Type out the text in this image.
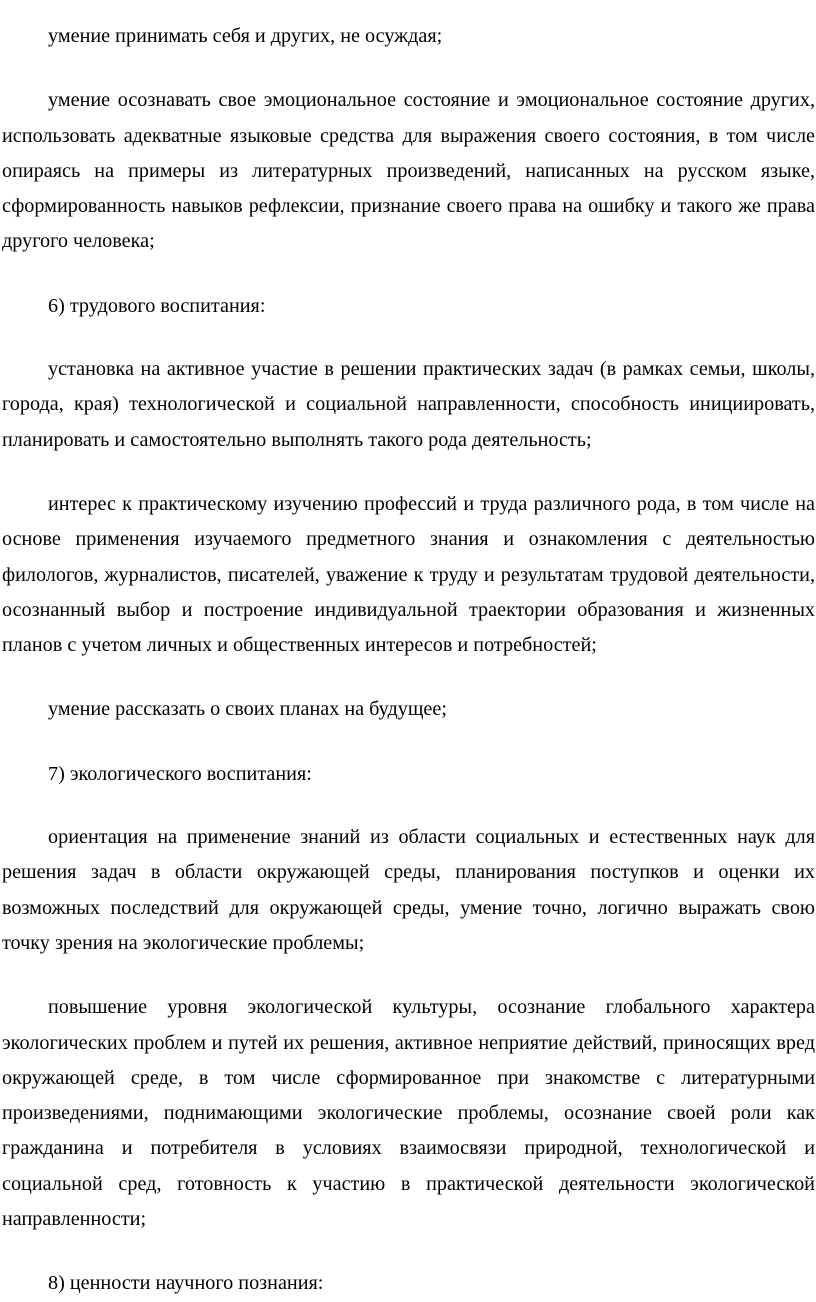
умение принимать себя и других, не осуждая;

умение осознавать свое эмоциональное состояние и эмоциональное состояние других, использовать адекватные языковые средства для выражения своего состояния, в том числе опираясь на примеры из литературных произведений, написанных на русском языке, сформированность навыков рефлексии, признание своего права на ошибку и такого же права другого человека;

6) трудового воспитания:

установка на активное участие в решении практических задач (в рамках семьи, школы, города, края) технологической и социальной направленности, способность инициировать, планировать и самостоятельно выполнять такого рода деятельность;

интерес к практическому изучению профессий и труда различного рода, в том числе на основе применения изучаемого предметного знания и ознакомления с деятельностью филологов, журналистов, писателей, уважение к труду и результатам трудовой деятельности, осознанный выбор и построение индивидуальной траектории образования и жизненных планов с учетом личных и общественных интересов и потребностей;

умение рассказать о своих планах на будущее;

7) экологического воспитания:

ориентация на применение знаний из области социальных и естественных наук для решения задач в области окружающей среды, планирования поступков и оценки их возможных последствий для окружающей среды, умение точно, логично выражать свою точку зрения на экологические проблемы;

повышение уровня экологической культуры, осознание глобального характера экологических проблем и путей их решения, активное неприятие действий, приносящих вред окружающей среде, в том числе сформированное при знакомстве с литературными произведениями, поднимающими экологические проблемы, осознание своей роли как гражданина и потребителя в условиях взаимосвязи природной, технологической и социальной сред, готовность к участию в практической деятельности экологической направленности;

8) ценности научного познания:
